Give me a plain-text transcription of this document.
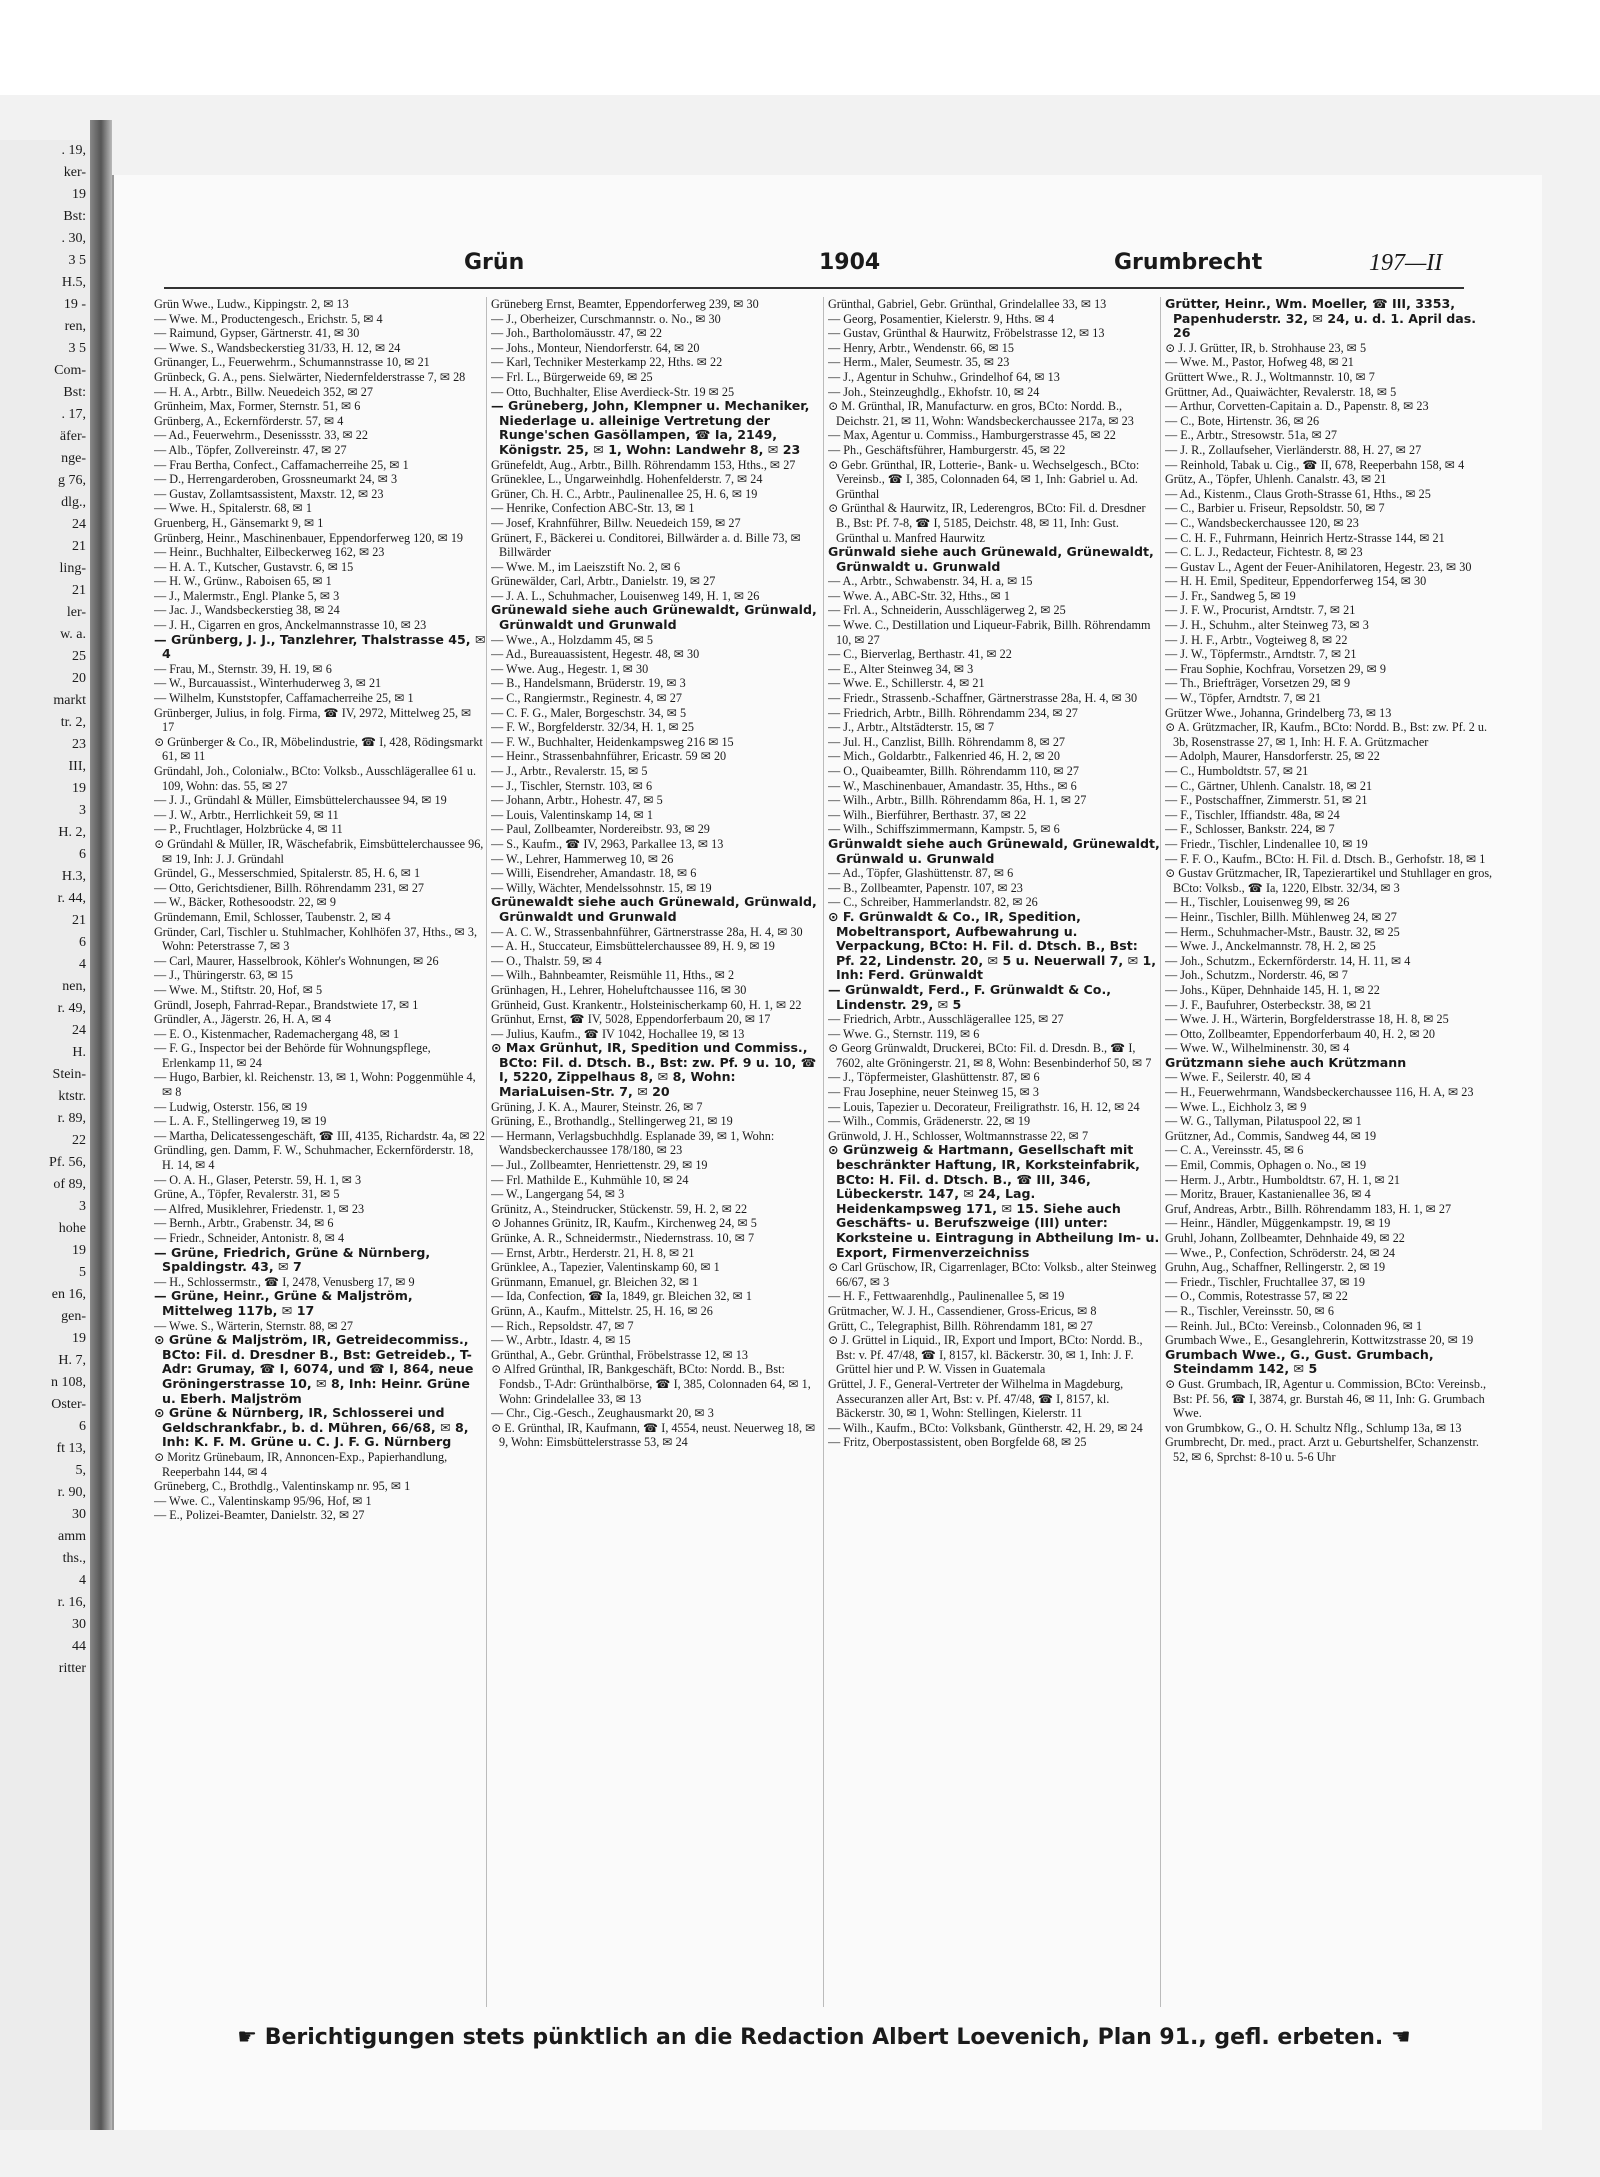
. 19,
ker-
19
Bst:
. 30,
3 5
H.5,
19 -
ren,
3 5
Com-
Bst:
. 17,
äfer-
nge-
g 76,
dlg.,
24
21
ling-
21
ler-
w. a.
25
20
markt
tr. 2,
23
III,
19
3
H. 2,
6
H.3,
r. 44,
21
6
4
nen,
r. 49,
24
H.
Stein-
ktstr.
r. 89,
22
Pf. 56,
of 89,
3
hohe
19
5
en 16,
gen-
19
H. 7,
n 108,
Oster-
6
ft 13,
5,
r. 90,
30
amm
ths.,
4
r. 16,
30
44
ritter
Grün	1904	Grumbrecht	197—II

Grün Wwe., Ludw., Kippingstr. 2, ✉ 13

— Wwe. M., Productengesch., Erichstr. 5, ✉ 4

— Raimund, Gypser, Gärtnerstr. 41, ✉ 30

— Wwe. S., Wandsbeckerstieg 31/33, H. 12, ✉ 24

Grünanger, L., Feuerwehrm., Schumannstrasse 10, ✉ 21

Grünbeck, G. A., pens. Sielwärter, Niedernfelderstrasse 7, ✉ 28

— H. A., Arbtr., Billw. Neuedeich 352, ✉ 27

Grünheim, Max, Former, Sternstr. 51, ✉ 6

Grünberg, A., Eckernförderstr. 57, ✉ 4

— Ad., Feuerwehrm., Desenissstr. 33, ✉ 22

— Alb., Töpfer, Zollvereinstr. 47, ✉ 27

— Frau Bertha, Confect., Caffamacherreihe 25, ✉ 1

— D., Herrengarderoben, Grossneumarkt 24, ✉ 3

— Gustav, Zollamtsassistent, Maxstr. 12, ✉ 23

— Wwe. H., Spitalerstr. 68, ✉ 1

Gruenberg, H., Gänsemarkt 9, ✉ 1

Grünberg, Heinr., Maschinenbauer, Eppendorferweg 120, ✉ 19

— Heinr., Buchhalter, Eilbeckerweg 162, ✉ 23

— H. A. T., Kutscher, Gustavstr. 6, ✉ 15

— H. W., Grünw., Raboisen 65, ✉ 1

— J., Malermstr., Engl. Planke 5, ✉ 3

— Jac. J., Wandsbeckerstieg 38, ✉ 24

— J. H., Cigarren en gros, Anckelmannstrasse 10, ✉ 23

— Grünberg, J. J., Tanzlehrer, Thalstrasse 45, ✉ 4

— Frau, M., Sternstr. 39, H. 19, ✉ 6

— W., Burcauassist., Winterhuderweg 3, ✉ 21

— Wilhelm, Kunststopfer, Caffamacherreihe 25, ✉ 1

Grünberger, Julius, in folg. Firma, ☎ IV, 2972, Mittelweg 25, ✉ 17

⊙ Grünberger & Co., IR, Möbelindustrie, ☎ I, 428, Rödingsmarkt 61, ✉ 11

Gründahl, Joh., Colonialw., BCto: Volksb., Ausschlägerallee 61 u. 109, Wohn: das. 55, ✉ 27

— J. J., Gründahl & Müller, Eimsbüttelerchaussee 94, ✉ 19

— J. W., Arbtr., Herrlichkeit 59, ✉ 11

— P., Fruchtlager, Holzbrücke 4, ✉ 11

⊙ Gründahl & Müller, IR, Wäschefabrik, Eimsbüttelerchaussee 96, ✉ 19, Inh: J. J. Gründahl

Gründel, G., Messerschmied, Spitalerstr. 85, H. 6, ✉ 1

— Otto, Gerichtsdiener, Billh. Röhrendamm 231, ✉ 27

— W., Bäcker, Rothesoodstr. 22, ✉ 9

Gründemann, Emil, Schlosser, Taubenstr. 2, ✉ 4

Gründer, Carl, Tischler u. Stuhlmacher, Kohlhöfen 37, Hths., ✉ 3, Wohn: Peterstrasse 7, ✉ 3

— Carl, Maurer, Hasselbrook, Köhler's Wohnungen, ✉ 26

— J., Thüringerstr. 63, ✉ 15

— Wwe. M., Stiftstr. 20, Hof, ✉ 5

Gründl, Joseph, Fahrrad-Repar., Brandstwiete 17, ✉ 1

Gründler, A., Jägerstr. 26, H. A, ✉ 4

— E. O., Kistenmacher, Rademachergang 48, ✉ 1

— F. G., Inspector bei der Behörde für Wohnungspflege, Erlenkamp 11, ✉ 24

— Hugo, Barbier, kl. Reichenstr. 13, ✉ 1, Wohn: Poggenmühle 4, ✉ 8

— Ludwig, Osterstr. 156, ✉ 19

— L. A. F., Stellingerweg 19, ✉ 19

— Martha, Delicatessengeschäft, ☎ III, 4135, Richardstr. 4a, ✉ 22

Gründling, gen. Damm, F. W., Schuhmacher, Eckernförderstr. 18, H. 14, ✉ 4

— O. A. H., Glaser, Peterstr. 59, H. 1, ✉ 3

Grüne, A., Töpfer, Revalerstr. 31, ✉ 5

— Alfred, Musiklehrer, Friedenstr. 1, ✉ 23

— Bernh., Arbtr., Grabenstr. 34, ✉ 6

— Friedr., Schneider, Antonistr. 8, ✉ 4

— Grüne, Friedrich, Grüne & Nürnberg, Spaldingstr. 43, ✉ 7

— H., Schlossermstr., ☎ I, 2478, Venusberg 17, ✉ 9

— Grüne, Heinr., Grüne & Maljström, Mittelweg 117b, ✉ 17

— Wwe. S., Wärterin, Sternstr. 88, ✉ 27

⊙ Grüne & Maljström, IR, Getreidecommiss., BCto: Fil. d. Dresdner B., Bst: Getreideb., T-Adr: Grumay, ☎ I, 6074, und ☎ I, 864, neue Gröningerstrasse 10, ✉ 8, Inh: Heinr. Grüne u. Eberh. Maljström

⊙ Grüne & Nürnberg, IR, Schlosserei und Geldschrankfabr., b. d. Mühren, 66/68, ✉ 8, Inh: K. F. M. Grüne u. C. J. F. G. Nürnberg

⊙ Moritz Grünebaum, IR, Annoncen-Exp., Papierhandlung, Reeperbahn 144, ✉ 4

Grüneberg, C., Brothdlg., Valentinskamp nr. 95, ✉ 1

— Wwe. C., Valentinskamp 95/96, Hof, ✉ 1

— E., Polizei-Beamter, Danielstr. 32, ✉ 27

Grüneberg Ernst, Beamter, Eppendorferweg 239, ✉ 30

— J., Oberheizer, Curschmannstr. o. No., ✉ 30

— Joh., Bartholomäusstr. 47, ✉ 22

— Johs., Monteur, Niendorferstr. 64, ✉ 20

— Karl, Techniker Mesterkamp 22, Hths. ✉ 22

— Frl. L., Bürgerweide 69, ✉ 25

— Otto, Buchhalter, Elise Averdieck-Str. 19 ✉ 25

— Grüneberg, John, Klempner u. Mechaniker, Niederlage u. alleinige Vertretung der Runge'schen Gasöllampen, ☎ Ia, 2149, Königstr. 25, ✉ 1, Wohn: Landwehr 8, ✉ 23

Grünefeldt, Aug., Arbtr., Billh. Röhrendamm 153, Hths., ✉ 27

Grüneklee, L., Ungarweinhdlg. Hohenfelderstr. 7, ✉ 24

Grüner, Ch. H. C., Arbtr., Paulinenallee 25, H. 6, ✉ 19

— Henrike, Confection ABC-Str. 13, ✉ 1

— Josef, Krahnführer, Billw. Neuedeich 159, ✉ 27

Grünert, F., Bäckerei u. Conditorei, Billwärder a. d. Bille 73, ✉ Billwärder

— Wwe. M., im Laeiszstift No. 2, ✉ 6

Grünewälder, Carl, Arbtr., Danielstr. 19, ✉ 27

— J. A. L., Schuhmacher, Louisenweg 149, H. 1, ✉ 26

Grünewald siehe auch Grünewaldt, Grünwald, Grünwaldt und Grunwald

— Wwe., A., Holzdamm 45, ✉ 5

— Ad., Bureauassistent, Hegestr. 48, ✉ 30

— Wwe. Aug., Hegestr. 1, ✉ 30

— B., Handelsmann, Brüderstr. 19, ✉ 3

— C., Rangiermstr., Reginestr. 4, ✉ 27

— C. F. G., Maler, Borgeschstr. 34, ✉ 5

— F. W., Borgfelderstr. 32/34, H. 1, ✉ 25

— F. W., Buchhalter, Heidenkampsweg 216 ✉ 15

— Heinr., Strassenbahnführer, Ericastr. 59 ✉ 20

— J., Arbtr., Revalerstr. 15, ✉ 5

— J., Tischler, Sternstr. 103, ✉ 6

— Johann, Arbtr., Hohestr. 47, ✉ 5

— Louis, Valentinskamp 14, ✉ 1

— Paul, Zollbeamter, Nordereibstr. 93, ✉ 29

— S., Kaufm., ☎ IV, 2963, Parkallee 13, ✉ 13

— W., Lehrer, Hammerweg 10, ✉ 26

— Willi, Eisendreher, Amandastr. 18, ✉ 6

— Willy, Wächter, Mendelssohnstr. 15, ✉ 19

Grünewaldt siehe auch Grünewald, Grünwald, Grünwaldt und Grunwald

— A. C. W., Strassenbahnführer, Gärtnerstrasse 28a, H. 4, ✉ 30

— A. H., Stuccateur, Eimsbüttelerchaussee 89, H. 9, ✉ 19

— O., Thalstr. 59, ✉ 4

— Wilh., Bahnbeamter, Reismühle 11, Hths., ✉ 2

Grünhagen, H., Lehrer, Hoheluftchaussee 116, ✉ 30

Grünheid, Gust. Krankentr., Holsteinischerkamp 60, H. 1, ✉ 22

Grünhut, Ernst, ☎ IV, 5028, Eppendorferbaum 20, ✉ 17

— Julius, Kaufm., ☎ IV 1042, Hochallee 19, ✉ 13

⊙ Max Grünhut, IR, Spedition und Commiss., BCto: Fil. d. Dtsch. B., Bst: zw. Pf. 9 u. 10, ☎ I, 5220, Zippelhaus 8, ✉ 8, Wohn: MariaLuisen-Str. 7, ✉ 20

Grüning, J. K. A., Maurer, Steinstr. 26, ✉ 7

Grüning, E., Brothandlg., Stellingerweg 21, ✉ 19

— Hermann, Verlagsbuchhdlg. Esplanade 39, ✉ 1, Wohn: Wandsbeckerchaussee 178/180, ✉ 23

— Jul., Zollbeamter, Henriettenstr. 29, ✉ 19

— Frl. Mathilde E., Kuhmühle 10, ✉ 24

— W., Langergang 54, ✉ 3

Grünitz, A., Steindrucker, Stückenstr. 59, H. 2, ✉ 22

⊙ Johannes Grünitz, IR, Kaufm., Kirchenweg 24, ✉ 5

Grünke, A. R., Schneidermstr., Niedernstrass. 10, ✉ 7

— Ernst, Arbtr., Herderstr. 21, H. 8, ✉ 21

Grünklee, A., Tapezier, Valentinskamp 60, ✉ 1

Grünmann, Emanuel, gr. Bleichen 32, ✉ 1

— Ida, Confection, ☎ Ia, 1849, gr. Bleichen 32, ✉ 1

Grünn, A., Kaufm., Mittelstr. 25, H. 16, ✉ 26

— Rich., Repsoldstr. 47, ✉ 7

— W., Arbtr., Idastr. 4, ✉ 15

Grünthal, A., Gebr. Grünthal, Fröbelstrasse 12, ✉ 13

⊙ Alfred Grünthal, IR, Bankgeschäft, BCto: Nordd. B., Bst: Fondsb., T-Adr: Grünthalbörse, ☎ I, 385, Colonnaden 64, ✉ 1, Wohn: Grindelallee 33, ✉ 13

— Chr., Cig.-Gesch., Zeughausmarkt 20, ✉ 3

⊙ E. Grünthal, IR, Kaufmann, ☎ I, 4554, neust. Neuerweg 18, ✉ 9, Wohn: Eimsbüttelerstrasse 53, ✉ 24

Grünthal, Gabriel, Gebr. Grünthal, Grindelallee 33, ✉ 13

— Georg, Posamentier, Kielerstr. 9, Hths. ✉ 4

— Gustav, Grünthal & Haurwitz, Fröbelstrasse 12, ✉ 13

— Henry, Arbtr., Wendenstr. 66, ✉ 15

— Herm., Maler, Seumestr. 35, ✉ 23

— J., Agentur in Schuhw., Grindelhof 64, ✉ 13

— Joh., Steinzeughdlg., Ekhofstr. 10, ✉ 24

⊙ M. Grünthal, IR, Manufacturw. en gros, BCto: Nordd. B., Deichstr. 21, ✉ 11, Wohn: Wandsbeckerchaussee 217a, ✉ 23

— Max, Agentur u. Commiss., Hamburgerstrasse 45, ✉ 22

— Ph., Geschäftsführer, Hamburgerstr. 45, ✉ 22

⊙ Gebr. Grünthal, IR, Lotterie-, Bank- u. Wechselgesch., BCto: Vereinsb., ☎ I, 385, Colonnaden 64, ✉ 1, Inh: Gabriel u. Ad. Grünthal

⊙ Grünthal & Haurwitz, IR, Lederengros, BCto: Fil. d. Dresdner B., Bst: Pf. 7-8, ☎ I, 5185, Deichstr. 48, ✉ 11, Inh: Gust. Grünthal u. Manfred Haurwitz

Grünwald siehe auch Grünewald, Grünewaldt, Grünwaldt u. Grunwald

— A., Arbtr., Schwabenstr. 34, H. a, ✉ 15

— Wwe. A., ABC-Str. 32, Hths., ✉ 1

— Frl. A., Schneiderin, Ausschlägerweg 2, ✉ 25

— Wwe. C., Destillation und Liqueur-Fabrik, Billh. Röhrendamm 10, ✉ 27

— C., Bierverlag, Berthastr. 41, ✉ 22

— E., Alter Steinweg 34, ✉ 3

— Wwe. E., Schillerstr. 4, ✉ 21

— Friedr., Strassenb.-Schaffner, Gärtnerstrasse 28a, H. 4, ✉ 30

— Friedrich, Arbtr., Billh. Röhrendamm 234, ✉ 27

— J., Arbtr., Altstädterstr. 15, ✉ 7

— Jul. H., Canzlist, Billh. Röhrendamm 8, ✉ 27

— Mich., Goldarbtr., Falkenried 46, H. 2, ✉ 20

— O., Quaibeamter, Billh. Röhrendamm 110, ✉ 27

— W., Maschinenbauer, Amandastr. 35, Hths., ✉ 6

— Wilh., Arbtr., Billh. Röhrendamm 86a, H. 1, ✉ 27

— Wilh., Bierführer, Berthastr. 37, ✉ 22

— Wilh., Schiffszimmermann, Kampstr. 5, ✉ 6

Grünwaldt siehe auch Grünewald, Grünewaldt, Grünwald u. Grunwald

— Ad., Töpfer, Glashüttenstr. 87, ✉ 6

— B., Zollbeamter, Papenstr. 107, ✉ 23

— C., Schreiber, Hammerlandstr. 82, ✉ 26

⊙ F. Grünwaldt & Co., IR, Spedition, Mobeltransport, Aufbewahrung u. Verpackung, BCto: H. Fil. d. Dtsch. B., Bst: Pf. 22, Lindenstr. 20, ✉ 5 u. Neuerwall 7, ✉ 1, Inh: Ferd. Grünwaldt

— Grünwaldt, Ferd., F. Grünwaldt & Co., Lindenstr. 29, ✉ 5

— Friedrich, Arbtr., Ausschlägerallee 125, ✉ 27

— Wwe. G., Sternstr. 119, ✉ 6

⊙ Georg Grünwaldt, Druckerei, BCto: Fil. d. Dresdn. B., ☎ I, 7602, alte Gröningerstr. 21, ✉ 8, Wohn: Besenbinderhof 50, ✉ 7

— J., Töpfermeister, Glashüttenstr. 87, ✉ 6

— Frau Josephine, neuer Steinweg 15, ✉ 3

— Louis, Tapezier u. Decorateur, Freiligrathstr. 16, H. 12, ✉ 24

— Wilh., Commis, Grädenerstr. 22, ✉ 19

Grünwold, J. H., Schlosser, Woltmannstrasse 22, ✉ 7

⊙ Grünzweig & Hartmann, Gesellschaft mit beschränkter Haftung, IR, Korksteinfabrik, BCto: H. Fil. d. Dtsch. B., ☎ III, 346, Lübeckerstr. 147, ✉ 24, Lag. Heidenkampsweg 171, ✉ 15. Siehe auch Geschäfts- u. Berufszweige (III) unter: Korksteine u. Eintragung in Abtheilung Im- u. Export, Firmenverzeichniss

⊙ Carl Grüschow, IR, Cigarrenlager, BCto: Volksb., alter Steinweg 66/67, ✉ 3

— H. F., Fettwaarenhdlg., Paulinenallee 5, ✉ 19

Grütmacher, W. J. H., Cassendiener, Gross-Ericus, ✉ 8

Grütt, C., Telegraphist, Billh. Röhrendamm 181, ✉ 27

⊙ J. Grüttel in Liquid., IR, Export und Import, BCto: Nordd. B., Bst: v. Pf. 47/48, ☎ I, 8157, kl. Bäckerstr. 30, ✉ 1, Inh: J. F. Grüttel hier und P. W. Vissen in Guatemala

Grüttel, J. F., General-Vertreter der Wilhelma in Magdeburg, Assecuranzen aller Art, Bst: v. Pf. 47/48, ☎ I, 8157, kl. Bäckerstr. 30, ✉ 1, Wohn: Stellingen, Kielerstr. 11

— Wilh., Kaufm., BCto: Volksbank, Güntherstr. 42, H. 29, ✉ 24

— Fritz, Oberpostassistent, oben Borgfelde 68, ✉ 25

Grütter, Heinr., Wm. Moeller, ☎ III, 3353, Papenhuderstr. 32, ✉ 24, u. d. 1. April das. 26

⊙ J. J. Grütter, IR, b. Strohhause 23, ✉ 5

— Wwe. M., Pastor, Hofweg 48, ✉ 21

Grüttert Wwe., R. J., Woltmannstr. 10, ✉ 7

Grüttner, Ad., Quaiwächter, Revalerstr. 18, ✉ 5

— Arthur, Corvetten-Capitain a. D., Papenstr. 8, ✉ 23

— C., Bote, Hirtenstr. 36, ✉ 26

— E., Arbtr., Stresowstr. 51a, ✉ 27

— J. R., Zollaufseher, Vierländerstr. 88, H. 27, ✉ 27

— Reinhold, Tabak u. Cig., ☎ II, 678, Reeperbahn 158, ✉ 4

Grütz, A., Töpfer, Uhlenh. Canalstr. 43, ✉ 21

— Ad., Kistenm., Claus Groth-Strasse 61, Hths., ✉ 25

— C., Barbier u. Friseur, Repsoldstr. 50, ✉ 7

— C., Wandsbeckerchaussee 120, ✉ 23

— C. H. F., Fuhrmann, Heinrich Hertz-Strasse 144, ✉ 21

— C. L. J., Redacteur, Fichtestr. 8, ✉ 23

— Gustav L., Agent der Feuer-Anihilatoren, Hegestr. 23, ✉ 30

— H. H. Emil, Spediteur, Eppendorferweg 154, ✉ 30

— J. Fr., Sandweg 5, ✉ 19

— J. F. W., Procurist, Arndtstr. 7, ✉ 21

— J. H., Schuhm., alter Steinweg 73, ✉ 3

— J. H. F., Arbtr., Vogteiweg 8, ✉ 22

— J. W., Töpfermstr., Arndtstr. 7, ✉ 21

— Frau Sophie, Kochfrau, Vorsetzen 29, ✉ 9

— Th., Briefträger, Vorsetzen 29, ✉ 9

— W., Töpfer, Arndtstr. 7, ✉ 21

Grützer Wwe., Johanna, Grindelberg 73, ✉ 13

⊙ A. Grützmacher, IR, Kaufm., BCto: Nordd. B., Bst: zw. Pf. 2 u. 3b, Rosenstrasse 27, ✉ 1, Inh: H. F. A. Grützmacher

— Adolph, Maurer, Hansdorferstr. 25, ✉ 22

— C., Humboldtstr. 57, ✉ 21

— C., Gärtner, Uhlenh. Canalstr. 18, ✉ 21

— F., Postschaffner, Zimmerstr. 51, ✉ 21

— F., Tischler, Iffiandstr. 48a, ✉ 24

— F., Schlosser, Bankstr. 224, ✉ 7

— Friedr., Tischler, Lindenallee 10, ✉ 19

— F. F. O., Kaufm., BCto: H. Fil. d. Dtsch. B., Gerhofstr. 18, ✉ 1

⊙ Gustav Grützmacher, IR, Tapezierartikel und Stuhllager en gros, BCto: Volksb., ☎ Ia, 1220, Elbstr. 32/34, ✉ 3

— H., Tischler, Louisenweg 99, ✉ 26

— Heinr., Tischler, Billh. Mühlenweg 24, ✉ 27

— Herm., Schuhmacher-Mstr., Baustr. 32, ✉ 25

— Wwe. J., Anckelmannstr. 78, H. 2, ✉ 25

— Joh., Schutzm., Eckernförderstr. 14, H. 11, ✉ 4

— Joh., Schutzm., Norderstr. 46, ✉ 7

— Johs., Küper, Dehnhaide 145, H. 1, ✉ 22

— J. F., Baufuhrer, Osterbeckstr. 38, ✉ 21

— Wwe. J. H., Wärterin, Borgfelderstrasse 18, H. 8, ✉ 25

— Otto, Zollbeamter, Eppendorferbaum 40, H. 2, ✉ 20

— Wwe. W., Wilhelminenstr. 30, ✉ 4

Grützmann siehe auch Krützmann

— Wwe. F., Seilerstr. 40, ✉ 4

— H., Feuerwehrmann, Wandsbeckerchaussee 116, H. A, ✉ 23

— Wwe. L., Eichholz 3, ✉ 9

— W. G., Tallyman, Pilatuspool 22, ✉ 1

Grützner, Ad., Commis, Sandweg 44, ✉ 19

— C. A., Vereinsstr. 45, ✉ 6

— Emil, Commis, Ophagen o. No., ✉ 19

— Herm. J., Arbtr., Humboldtstr. 67, H. 1, ✉ 21

— Moritz, Brauer, Kastanienallee 36, ✉ 4

Gruf, Andreas, Arbtr., Billh. Röhrendamm 183, H. 1, ✉ 27

— Heinr., Händler, Müggenkampstr. 19, ✉ 19

Gruhl, Johann, Zollbeamter, Dehnhaide 49, ✉ 22

— Wwe., P., Confection, Schröderstr. 24, ✉ 24

Gruhn, Aug., Schaffner, Rellingerstr. 2, ✉ 19

— Friedr., Tischler, Fruchtallee 37, ✉ 19

— O., Commis, Rotestrasse 57, ✉ 22

— R., Tischler, Vereinsstr. 50, ✉ 6

— Reinh. Jul., BCto: Vereinsb., Colonnaden 96, ✉ 1

Grumbach Wwe., E., Gesanglehrerin, Kottwitzstrasse 20, ✉ 19

Grumbach Wwe., G., Gust. Grumbach, Steindamm 142, ✉ 5

⊙ Gust. Grumbach, IR, Agentur u. Commission, BCto: Vereinsb., Bst: Pf. 56, ☎ I, 3874, gr. Burstah 46, ✉ 11, Inh: G. Grumbach Wwe.

von Grumbkow, G., O. H. Schultz Nflg., Schlump 13a, ✉ 13

Grumbrecht, Dr. med., pract. Arzt u. Geburtshelfer, Schanzenstr. 52, ✉ 6, Sprchst: 8-10 u. 5-6 Uhr

☛ Berichtigungen stets pünktlich an die Redaction Albert Loevenich, Plan 91., gefl. erbeten. ☚
